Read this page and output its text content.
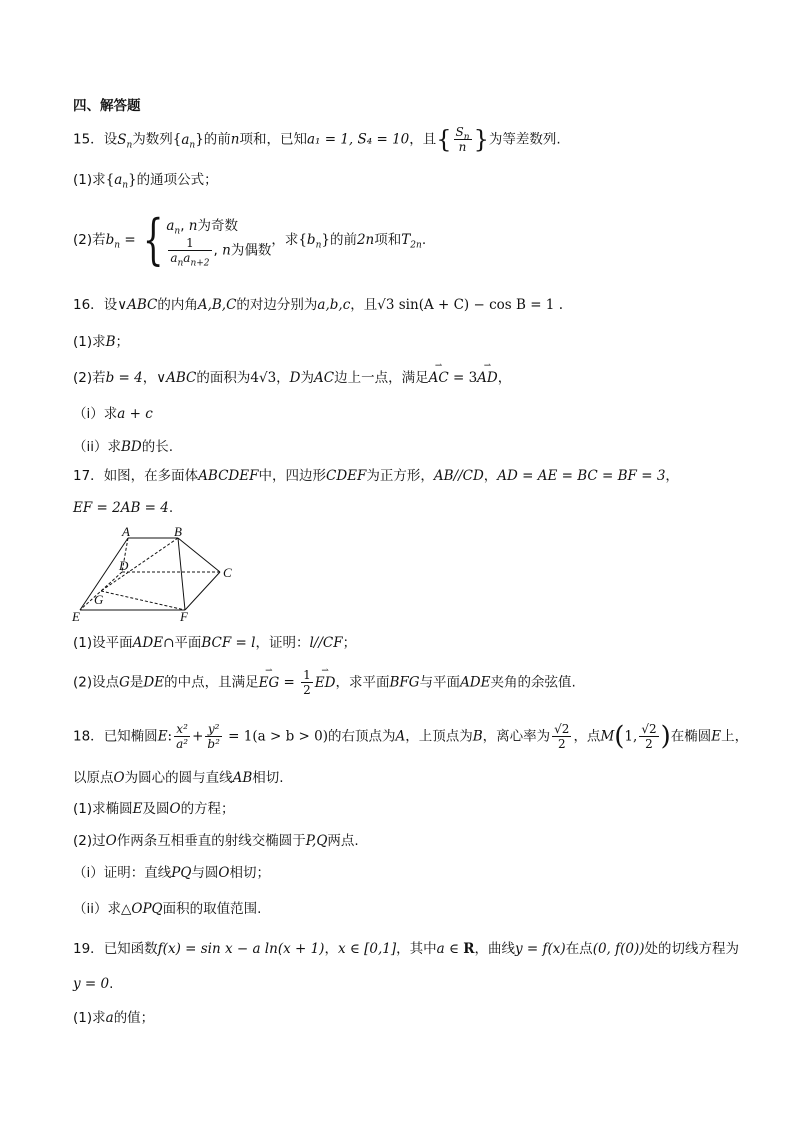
四、解答题
15．设$S_n$为数列$\{a_n\}$的前n项和，已知a₁ = 1, S₄ = 10，且{ $\frac{S_n}{n}$ }为等差数列.
(1)求$\{a_n\}$的通项公式；
(2)若$b_n$ = { $a_n$, n为奇数
$\frac{1}{a_na_{n+2}}$ , n为偶数
，求$\{b_n\}$的前2n项和$T_{2n}$.
16．设∨ABC的内角A,B,C的对边分别为a,b,c，且√3 sin(A + C) − cos B = 1 .
(1)求B；
(2)若b = 4，∨ABC的面积为4√3，D为AC边上一点，满足⇀ AC = 3⇀ AD，
（i）求a + c
（ii）求BD的长.
17．如图，在多面体ABCDEF中，四边形CDEF为正方形，AB//CD，AD = AE = BC = BF = 3，
EF = 2AB = 4.
A	B
C
D
E	F
G
(1)设平面ADE∩平面BCF = l，证明：l//CF；
(2)设点G是DE的中点，且满足⇀ EG = $\frac{1}{2}$
⇀ ED，求平面BFG与平面ADE夹角的余弦值.
18．已知椭圆E: $\frac{\text{x²}}{\text{a²}} + \frac{\text{y²}}{\text{b²}} = 1(a > b > 0)$的右顶点为A，上顶点为B，离心率为 $\frac{√2}{2}$ ，点M(1, $\frac{√2}{2}$ )在椭圆E上，
以原点O为圆心的圆与直线AB相切.
(1)求椭圆E及圆O的方程；
(2)过O作两条互相垂直的射线交椭圆于P,Q两点.
（i）证明：直线PQ与圆O相切；
（ii）求△OPQ面积的取值范围.
19．已知函数f(x) = sin x − a ln(x + 1)，x ∈ [0,1]，其中a ∈ R，曲线y = f(x)在点(0, f(0))处的切线方程为
y = 0.
(1)求a的值；
